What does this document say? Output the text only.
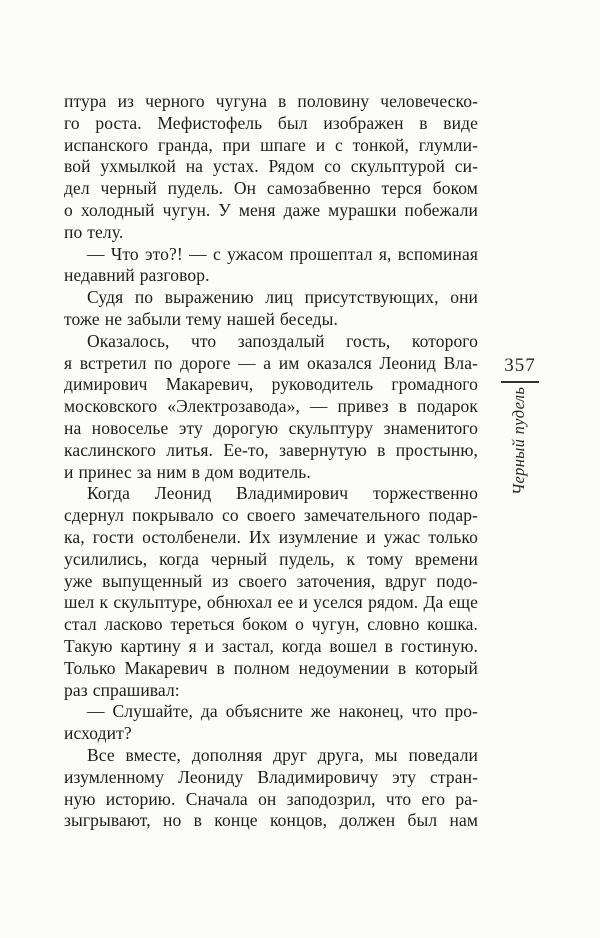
птура из черного чугуна в половину человеческо-
го роста. Мефистофель был изображен в виде
испанского гранда, при шпаге и с тонкой, глумли-
вой ухмылкой на устах. Рядом со скульптурой си-
дел черный пудель. Он самозабвенно терся боком
о холодный чугун. У меня даже мурашки побежали
по телу.
— Что это?! — с ужасом прошептал я, вспоминая
недавний разговор.
Судя по выражению лиц присутствующих, они
тоже не забыли тему нашей беседы.
Оказалось, что запоздалый гость, которого
я встретил по дороге — а им оказался Леонид Вла-
димирович Макаревич, руководитель громадного
московского «Электрозавода», — привез в подарок
на новоселье эту дорогую скульптуру знаменитого
каслинского литья. Ее-то, завернутую в простыню,
и принес за ним в дом водитель.
Когда Леонид Владимирович торжественно
сдернул покрывало со своего замечательного подар-
ка, гости остолбенели. Их изумление и ужас только
усилились, когда черный пудель, к тому времени
уже выпущенный из своего заточения, вдруг подо-
шел к скульптуре, обнюхал ее и уселся рядом. Да еще
стал ласково тереться боком о чугун, словно кошка.
Такую картину я и застал, когда вошел в гостиную.
Только Макаревич в полном недоумении в который
раз спрашивал:
— Слушайте, да объясните же наконец, что про-
исходит?
Все вместе, дополняя друг друга, мы поведали
изумленному Леониду Владимировичу эту стран-
ную историю. Сначала он заподозрил, что его ра-
зыгрывают, но в конце концов, должен был нам
357
Черный пудель
